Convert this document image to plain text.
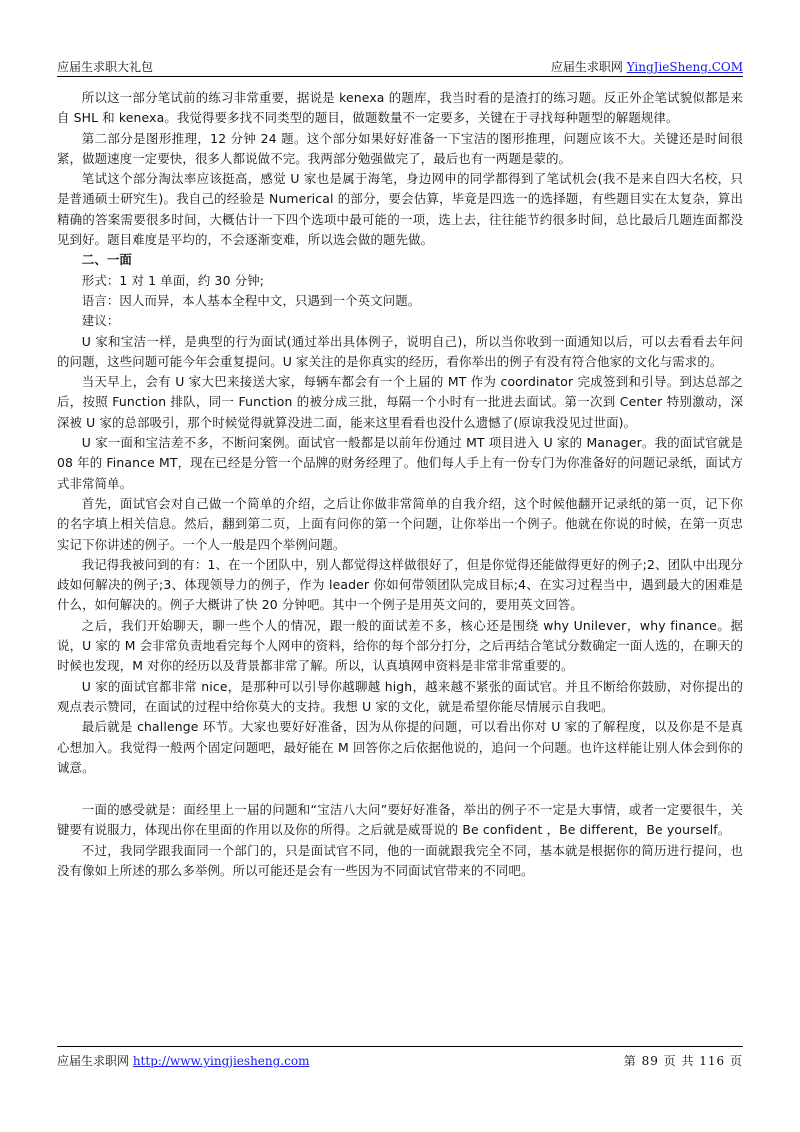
应届生求职大礼包	应届生求职网 YingJieSheng.COM

所以这一部分笔试前的练习非常重要，据说是 kenexa 的题库，我当时看的是渣打的练习题。反正外企笔试貌似都是来自 SHL 和 kenexa。我觉得要多找不同类型的题目，做题数量不一定要多，关键在于寻找每种题型的解题规律。

第二部分是图形推理，12 分钟 24 题。这个部分如果好好准备一下宝洁的图形推理，问题应该不大。关键还是时间很紧，做题速度一定要快，很多人都说做不完。我两部分勉强做完了，最后也有一两题是蒙的。

笔试这个部分淘汰率应该挺高，感觉 U 家也是属于海笔，身边网申的同学都得到了笔试机会(我不是来自四大名校，只是普通硕士研究生)。我自己的经验是 Numerical 的部分，要会估算，毕竟是四选一的选择题，有些题目实在太复杂，算出精确的答案需要很多时间，大概估计一下四个选项中最可能的一项，选上去，往往能节约很多时间，总比最后几题连面都没见到好。题目难度是平均的，不会逐渐变难，所以选会做的题先做。

二、一面

形式：1 对 1 单面，约 30 分钟;

语言：因人而异，本人基本全程中文，只遇到一个英文问题。

建议：

U 家和宝洁一样，是典型的行为面试(通过举出具体例子，说明自己)，所以当你收到一面通知以后，可以去看看去年问的问题，这些问题可能今年会重复提问。U 家关注的是你真实的经历，看你举出的例子有没有符合他家的文化与需求的。

当天早上，会有 U 家大巴来接送大家，每辆车都会有一个上届的 MT 作为 coordinator 完成签到和引导。到达总部之后，按照 Function 排队，同一 Function 的被分成三批，每隔一个小时有一批进去面试。第一次到 Center 特别激动，深深被 U 家的总部吸引，那个时候觉得就算没进二面，能来这里看看也没什么遗憾了(原谅我没见过世面)。

U 家一面和宝洁差不多，不断问案例。面试官一般都是以前年份通过 MT 项目进入 U 家的 Manager。我的面试官就是 08 年的 Finance MT，现在已经是分管一个品牌的财务经理了。他们每人手上有一份专门为你准备好的问题记录纸，面试方式非常简单。

首先，面试官会对自己做一个简单的介绍，之后让你做非常简单的自我介绍，这个时候他翻开记录纸的第一页，记下你的名字填上相关信息。然后，翻到第二页，上面有问你的第一个问题，让你举出一个例子。他就在你说的时候，在第一页忠实记下你讲述的例子。一个人一般是四个举例问题。

我记得我被问到的有：1、在一个团队中，别人都觉得这样做很好了，但是你觉得还能做得更好的例子;2、团队中出现分歧如何解决的例子;3、体现领导力的例子，作为 leader 你如何带领团队完成目标;4、在实习过程当中，遇到最大的困难是什么，如何解决的。例子大概讲了快 20 分钟吧。其中一个例子是用英文问的，要用英文回答。

之后，我们开始聊天，聊一些个人的情况，跟一般的面试差不多，核心还是围绕 why Unilever，why finance。据说，U 家的 M 会非常负责地看完每个人网申的资料，给你的每个部分打分，之后再结合笔试分数确定一面人选的，在聊天的时候也发现，M 对你的经历以及背景都非常了解。所以，认真填网申资料是非常非常重要的。

U 家的面试官都非常 nice，是那种可以引导你越聊越 high，越来越不紧张的面试官。并且不断给你鼓励，对你提出的观点表示赞同，在面试的过程中给你莫大的支持。我想 U 家的文化，就是希望你能尽情展示自我吧。

最后就是 challenge 环节。大家也要好好准备，因为从你提的问题，可以看出你对 U 家的了解程度，以及你是不是真心想加入。我觉得一般两个固定问题吧，最好能在 M 回答你之后依据他说的，追问一个问题。也许这样能让别人体会到你的诚意。

一面的感受就是：面经里上一届的问题和“宝洁八大问”要好好准备，举出的例子不一定是大事情，或者一定要很牛，关键要有说服力，体现出你在里面的作用以及你的所得。之后就是威哥说的 Be confident ，Be different，Be yourself。

不过，我同学跟我面同一个部门的，只是面试官不同，他的一面就跟我完全不同，基本就是根据你的简历进行提问，也没有像如上所述的那么多举例。所以可能还是会有一些因为不同面试官带来的不同吧。

应届生求职网 http://www.yingjiesheng.com	第 89 页 共 116 页
